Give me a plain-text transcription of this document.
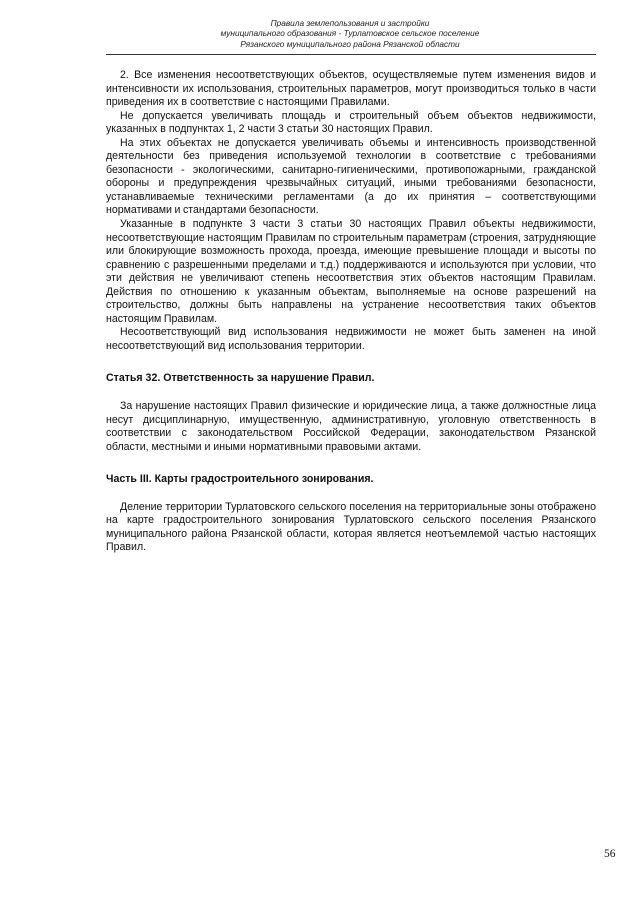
Правила землепользования и застройки
муниципального образования - Турлатовское сельское поселение
Рязанского муниципального района Рязанской области

2. Все изменения несоответствующих объектов, осуществляемые путем изменения видов и интенсивности их использования, строительных параметров, могут производиться только в части приведения их в соответствие с настоящими Правилами.

Не допускается увеличивать площадь и строительный объем объектов недвижимости, указанных в подпунктах 1, 2 части 3 статьи 30 настоящих Правил.

На этих объектах не допускается увеличивать объемы и интенсивность производственной деятельности без приведения используемой технологии в соответствие с требованиями безопасности - экологическими, санитарно-гигиеническими, противопожарными, гражданской обороны и предупреждения чрезвычайных ситуаций, иными требованиями безопасности, устанавливаемые техническими регламентами (а до их принятия – соответствующими нормативами и стандартами безопасности.

Указанные в подпункте 3 части 3 статьи 30 настоящих Правил объекты недвижимости, несоответствующие настоящим Правилам по строительным параметрам (строения, затрудняющие или блокирующие возможность прохода, проезда, имеющие превышение площади и высоты по сравнению с разрешенными пределами и т.д.) поддерживаются и используются при условии, что эти действия не увеличивают степень несоответствия этих объектов настоящим Правилам. Действия по отношению к указанным объектам, выполняемые на основе разрешений на строительство, должны быть направлены на устранение несоответствия таких объектов настоящим Правилам.

Несоответствующий вид использования недвижимости не может быть заменен на иной несоответствующий вид использования территории.

Статья 32. Ответственность за нарушение Правил.

За нарушение настоящих Правил физические и юридические лица, а также должностные лица несут дисциплинарную, имущественную, административную, уголовную ответственность в соответствии с законодательством Российской Федерации, законодательством Рязанской области, местными и иными нормативными правовыми актами.

Часть III. Карты градостроительного зонирования.

Деление территории Турлатовского сельского поселения на территориальные зоны отображено на карте градостроительного зонирования Турлатовского сельского поселения Рязанского муниципального района Рязанской области, которая является неотъемлемой частью настоящих Правил.

56
